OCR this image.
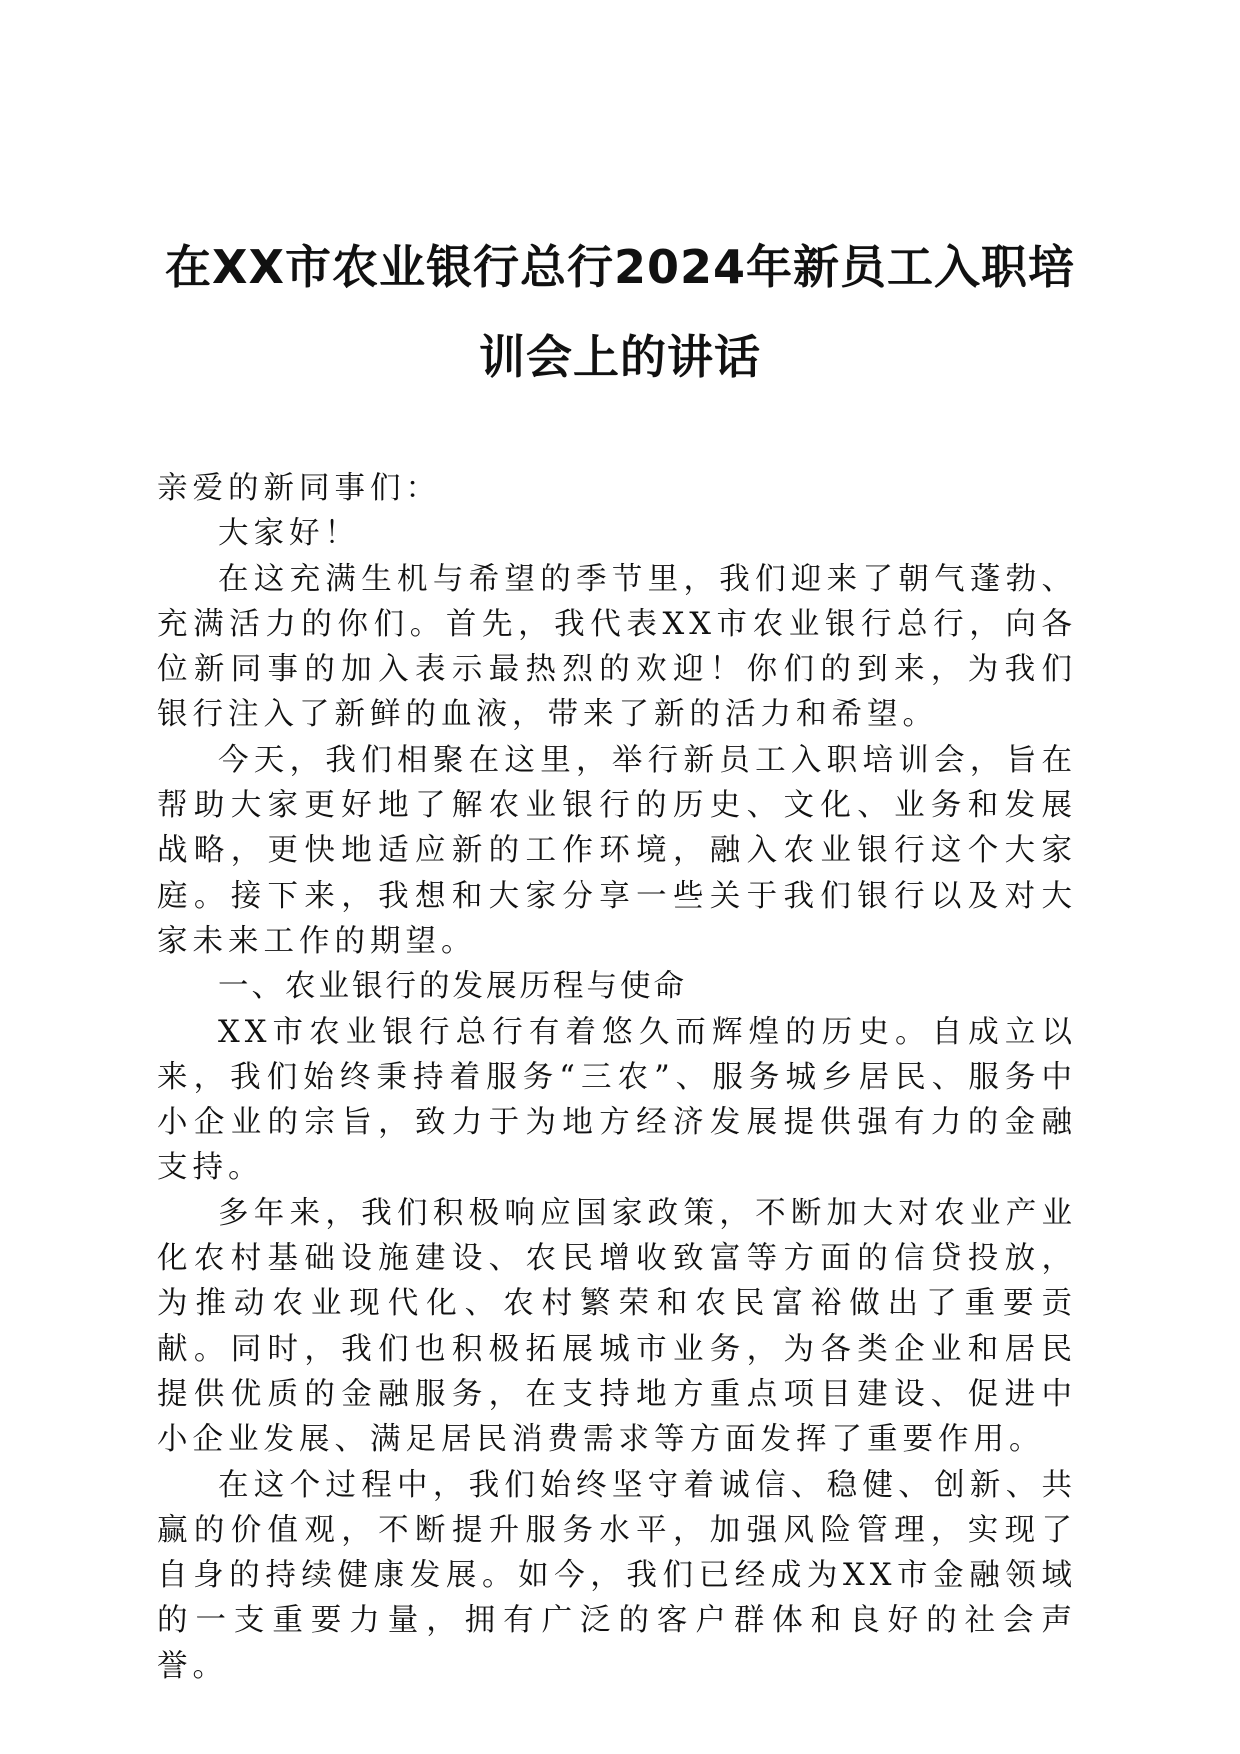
在XX市农业银行总行2024年新员工入职培
训会上的讲话

亲爱的新同事们：

大家好！

在这充满生机与希望的季节里，我们迎来了朝气蓬勃、充满活力的你们。首先，我代表XX市农业银行总行，向各位新同事的加入表示最热烈的欢迎！你们的到来，为我们银行注入了新鲜的血液，带来了新的活力和希望。

今天，我们相聚在这里，举行新员工入职培训会，旨在帮助大家更好地了解农业银行的历史、文化、业务和发展战略，更快地适应新的工作环境，融入农业银行这个大家庭。接下来，我想和大家分享一些关于我们银行以及对大家未来工作的期望。

一、农业银行的发展历程与使命

XX市农业银行总行有着悠久而辉煌的历史。自成立以来，我们始终秉持着服务“三农”、服务城乡居民、服务中小企业的宗旨，致力于为地方经济发展提供强有力的金融支持。

多年来，我们积极响应国家政策，不断加大对农业产业化农村基础设施建设、农民增收致富等方面的信贷投放，为推动农业现代化、农村繁荣和农民富裕做出了重要贡献。同时，我们也积极拓展城市业务，为各类企业和居民提供优质的金融服务，在支持地方重点项目建设、促进中小企业发展、满足居民消费需求等方面发挥了重要作用。

在这个过程中，我们始终坚守着诚信、稳健、创新、共赢的价值观，不断提升服务水平，加强风险管理，实现了自身的持续健康发展。如今，我们已经成为XX市金融领域的一支重要力量，拥有广泛的客户群体和良好的社会声誉。
